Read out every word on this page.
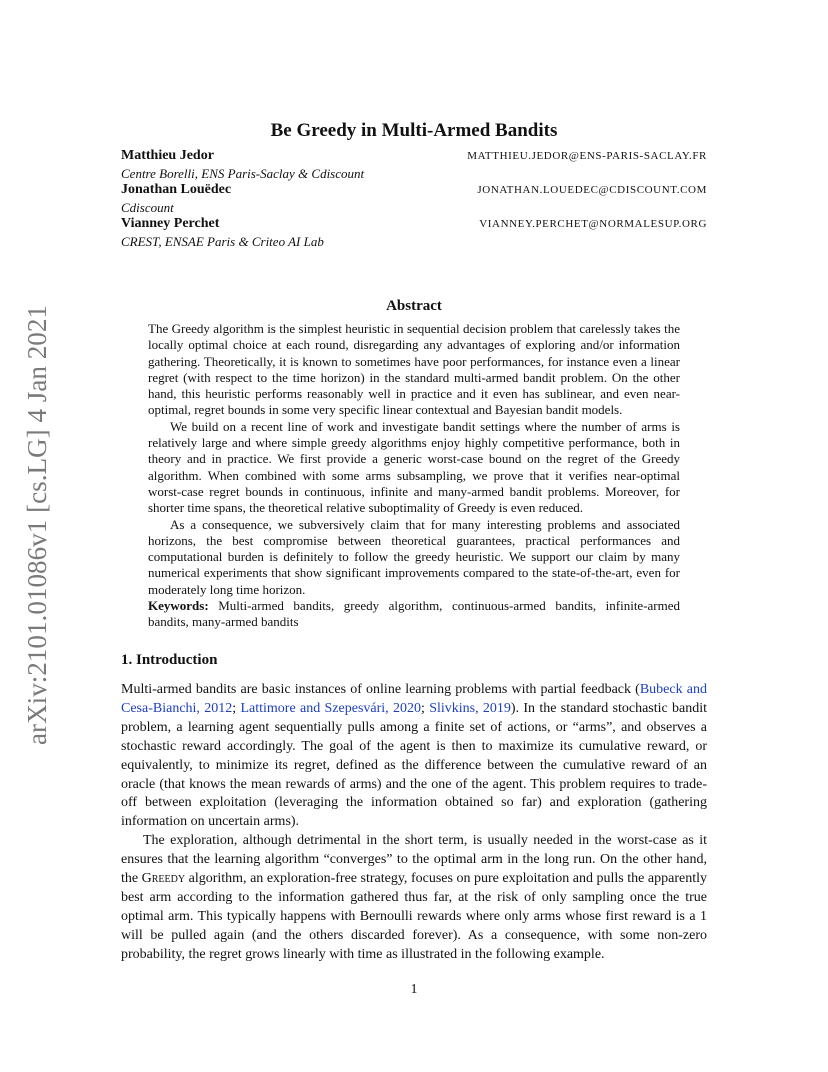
arXiv:2101.01086v1 [cs.LG] 4 Jan 2021
Be Greedy in Multi-Armed Bandits
Matthieu Jedor	MATTHIEU.JEDOR@ENS-PARIS-SACLAY.FR
Centre Borelli, ENS Paris-Saclay & Cdiscount
Jonathan Louëdec	JONATHAN.LOUEDEC@CDISCOUNT.COM
Cdiscount
Vianney Perchet	VIANNEY.PERCHET@NORMALESUP.ORG
CREST, ENSAE Paris & Criteo AI Lab
Abstract

The Greedy algorithm is the simplest heuristic in sequential decision problem that carelessly takes the locally optimal choice at each round, disregarding any advantages of exploring and/or information gathering. Theoretically, it is known to sometimes have poor performances, for instance even a linear regret (with respect to the time horizon) in the standard multi-armed bandit problem. On the other hand, this heuristic performs reasonably well in practice and it even has sublinear, and even near-optimal, regret bounds in some very specific linear contextual and Bayesian bandit models.

We build on a recent line of work and investigate bandit settings where the number of arms is relatively large and where simple greedy algorithms enjoy highly competitive performance, both in theory and in practice. We first provide a generic worst-case bound on the regret of the Greedy algorithm. When combined with some arms subsampling, we prove that it verifies near-optimal worst-case regret bounds in continuous, infinite and many-armed bandit problems. Moreover, for shorter time spans, the theoretical relative suboptimality of Greedy is even reduced.

As a consequence, we subversively claim that for many interesting problems and associated horizons, the best compromise between theoretical guarantees, practical performances and computational burden is definitely to follow the greedy heuristic. We support our claim by many numerical experiments that show significant improvements compared to the state-of-the-art, even for moderately long time horizon.

Keywords: Multi-armed bandits, greedy algorithm, continuous-armed bandits, infinite-armed bandits, many-armed bandits

1. Introduction

Multi-armed bandits are basic instances of online learning problems with partial feedback (Bubeck and Cesa-Bianchi, 2012; Lattimore and Szepesvári, 2020; Slivkins, 2019). In the standard stochastic bandit problem, a learning agent sequentially pulls among a finite set of actions, or “arms”, and observes a stochastic reward accordingly. The goal of the agent is then to maximize its cumulative reward, or equivalently, to minimize its regret, defined as the difference between the cumulative reward of an oracle (that knows the mean rewards of arms) and the one of the agent. This problem requires to trade-off between exploitation (leveraging the information obtained so far) and exploration (gathering information on uncertain arms).

The exploration, although detrimental in the short term, is usually needed in the worst-case as it ensures that the learning algorithm “converges” to the optimal arm in the long run. On the other hand, the Greedy algorithm, an exploration-free strategy, focuses on pure exploitation and pulls the apparently best arm according to the information gathered thus far, at the risk of only sampling once the true optimal arm. This typically happens with Bernoulli rewards where only arms whose first reward is a 1 will be pulled again (and the others discarded forever). As a consequence, with some non-zero probability, the regret grows linearly with time as illustrated in the following example.

1
